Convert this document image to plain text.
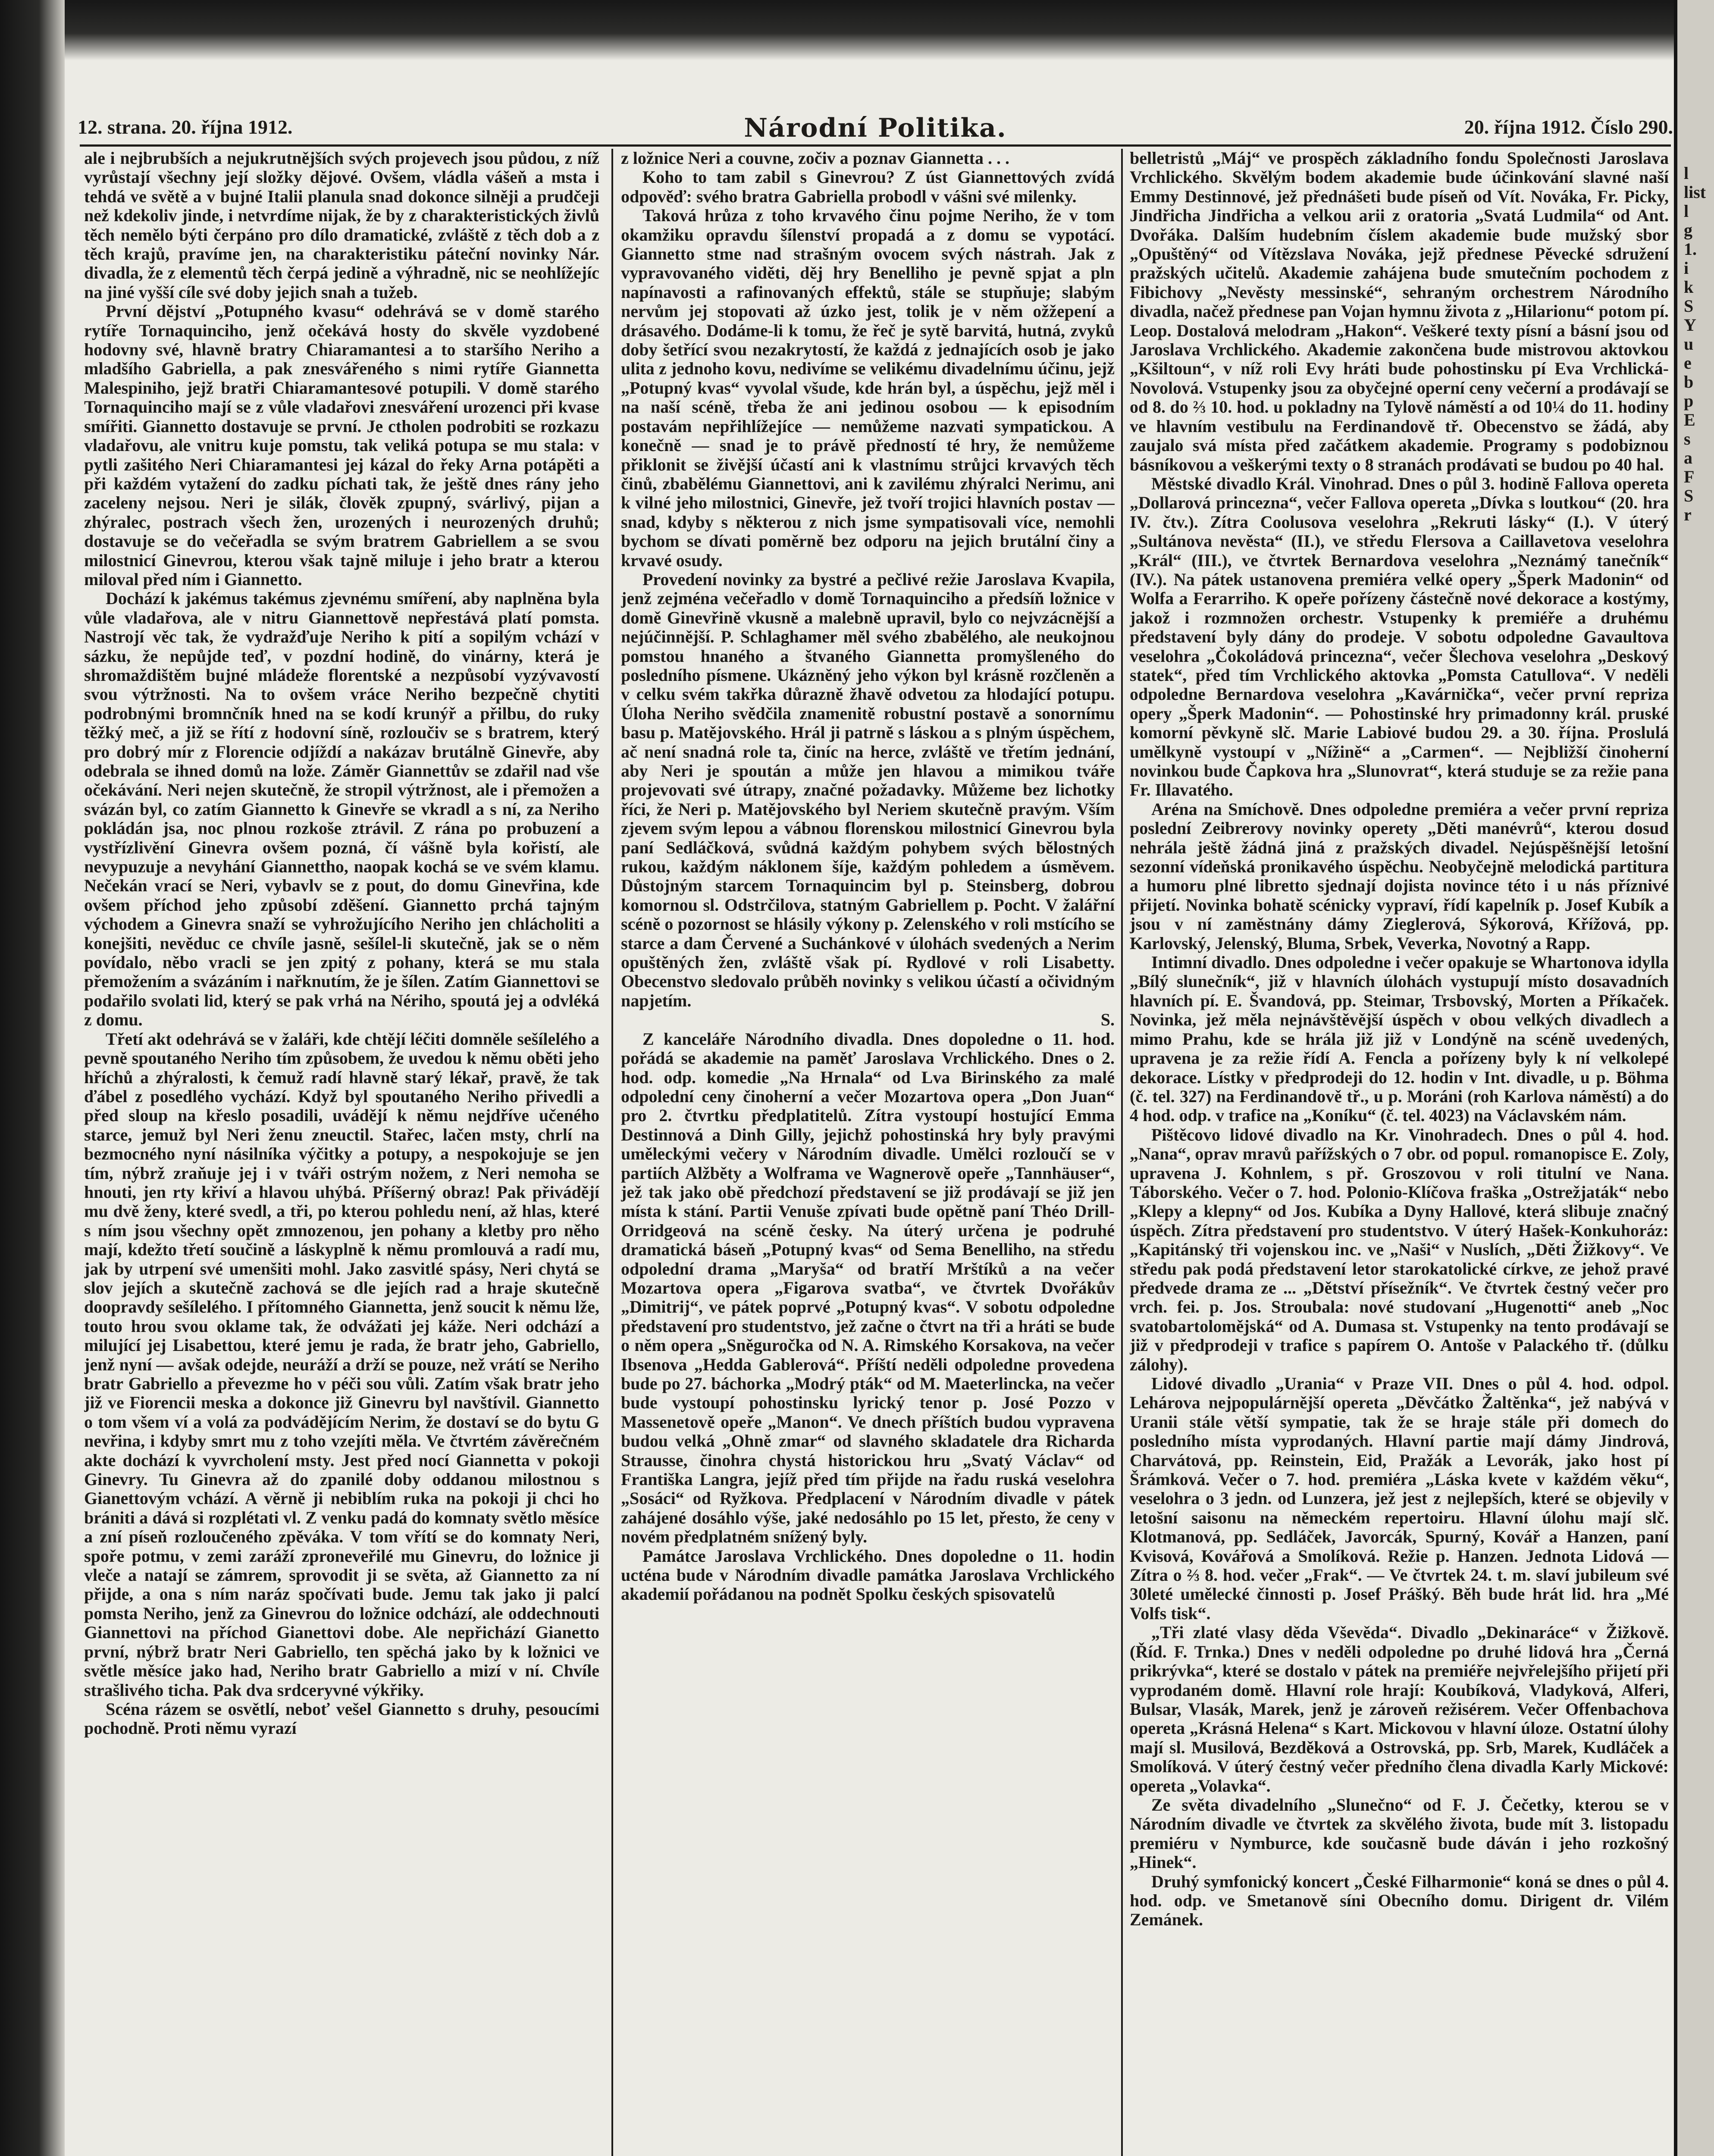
12. strana. 20. října 1912.	Národní Politika.	20. října 1912. Číslo 290.

ale i nejbrubších a nejukrutnějších svých projevech jsou půdou, z níž vyrůstají všechny její složky dějové. Ovšem, vládla vášeň a msta i tehdá ve světě a v bujné Italii planula snad dokonce silněji a prudčeji než kdekoliv jinde, i netvrdíme nijak, že by z charakteristických živlů těch nemělo býti čerpáno pro dílo dramatické, zvláště z těch dob a z těch krajů, pravíme jen, na charakteristiku páteční novinky Nár. divadla, že z elementů těch čerpá jedině a výhradně, nic se neohlížejíc na jiné vyšší cíle své doby jejich snah a tužeb.

První dějství „Potupného kvasu“ odehrává se v domě starého rytíře Tornaquinciho, jenž očekává hosty do skvěle vyzdobené hodovny své, hlavně bratry Chiaramantesi a to staršího Neriho a mladšího Gabriella, a pak znesvářeného s nimi rytíře Giannetta Malespiniho, jejž bratři Chiaramantesové potupili. V domě starého Tornaquinciho mají se z vůle vladařovi znesváření urozenci při kvase smířiti. Giannetto dostavuje se první. Je ctholen podrobiti se rozkazu vladařovu, ale vnitru kuje pomstu, tak veliká potupa se mu stala: v pytli zašitého Neri Chiaramantesi jej kázal do řeky Arna potápěti a při každém vytažení do zadku píchati tak, že ještě dnes rány jeho zaceleny nejsou. Neri je silák, člověk zpupný, svárlivý, pijan a zhýralec, postrach všech žen, urozených i neurozených druhů; dostavuje se do večeřadla se svým bratrem Gabriellem a se svou milostnicí Ginevrou, kterou však tajně miluje i jeho bratr a kterou miloval před ním i Giannetto.

Dochází k jakémus takémus zjevnému smíření, aby naplněna byla vůle vladařova, ale v nitru Giannettově nepřestává platí pomsta. Nastrojí věc tak, že vydražďuje Neriho k pití a sopilým vchází v sázku, že nepůjde teď, v pozdní hodině, do vinárny, která je shromaždištěm bujné mládeže florentské a nezpůsobí vyzývavostí svou výtržnosti. Na to ovšem vráce Neriho bezpečně chytiti podrobnými bromnčník hned na se kodí krunýř a přilbu, do ruky těžký meč, a již se řítí z hodovní síně, rozloučiv se s bratrem, který pro dobrý mír z Florencie odjíždí a nakázav brutálně Ginevře, aby odebrala se ihned domů na lože. Záměr Giannettův se zdařil nad vše očekávání. Neri nejen skutečně, že stropil výtržnost, ale i přemožen a svázán byl, co zatím Giannetto k Ginevře se vkradl a s ní, za Neriho pokládán jsa, noc plnou rozkoše ztrávil. Z rána po probuzení a vystřízlivění Ginevra ovšem pozná, čí vášně byla kořistí, ale nevypuzuje a nevyhání Giannettho, naopak kochá se ve svém klamu. Nečekán vrací se Neri, vybavlv se z pout, do domu Ginevřina, kde ovšem příchod jeho způsobí zděšení. Giannetto prchá tajným východem a Ginevra snaží se vyhrožujícího Neriho jen chlácholiti a konejšiti, nevěduc ce chvíle jasně, sešílel-li skutečně, jak se o něm povídalo, něbo vracli se jen zpitý z pohany, která se mu stala přemožením a svázáním i nařknutím, že je šílen. Zatím Giannettovi se podařilo svolati lid, který se pak vrhá na Nériho, spoutá jej a odvléká z domu.

Třetí akt odehrává se v žaláři, kde chtějí léčiti domněle sešílelého a pevně spoutaného Neriho tím způsobem, že uvedou k němu oběti jeho hříchů a zhýralosti, k čemuž radí hlavně starý lékař, pravě, že tak ďábel z posedlého vychází. Když byl spoutaného Neriho přivedli a před sloup na křeslo posadili, uvádějí k němu nejdříve učeného starce, jemuž byl Neri ženu zneuctil. Stařec, lačen msty, chrlí na bezmocného nyní násilníka výčitky a potupy, a nespokojuje se jen tím, nýbrž zraňuje jej i v tváři ostrým nožem, z Neri nemoha se hnouti, jen rty křiví a hlavou uhýbá. Příšerný obraz! Pak přivádějí mu dvě ženy, které svedl, a tři, po kterou pohledu není, až hlas, které s ním jsou všechny opět zmnozenou, jen pohany a kletby pro něho mají, kdežto třetí součině a láskyplně k němu promlouvá a radí mu, jak by utrpení své umenšiti mohl. Jako zasvitlé spásy, Neri chytá se slov jejích a skutečně zachová se dle jejích rad a hraje skutečně doopravdy sešílelého. I přítomného Giannetta, jenž soucit k němu lže, touto hrou svou oklame tak, že odvážati jej káže. Neri odchází a milující jej Lisabettou, které jemu je rada, že bratr jeho, Gabriello, jenž nyní — avšak odejde, neuráží a drží se pouze, než vrátí se Neriho bratr Gabriello a převezme ho v péči sou vůli. Zatím však bratr jeho již ve Fiorencii meska a dokonce již Ginevru byl navštívil. Giannetto o tom všem ví a volá za podvádějícím Nerim, že dostaví se do bytu G nevřina, i kdyby smrt mu z toho vzejíti měla. Ve čtvrtém závěrečném akte dochází k vyvrcholení msty. Jest před nocí Giannetta v pokoji Ginevry. Tu Ginevra až do zpanilé doby oddanou milostnou s Gianettovým vchází. A věrně ji nebiblím ruka na pokoji ji chci ho brániti a dává si rozplétati vl. Z venku padá do komnaty světlo měsíce a zní píseň rozloučeného zpěváka. V tom vřítí se do komnaty Neri, spoře potmu, v zemi zaráží zproneveřilé mu Ginevru, do ložnice ji vleče a natají se zámrem, sprovodit ji se světa, až Giannetto za ní přijde, a ona s ním naráz spočívati bude. Jemu tak jako ji palcí pomsta Neriho, jenž za Ginevrou do ložnice odchází, ale oddechnouti Giannettovi na příchod Gianettovi dobe. Ale nepřichází Gianetto první, nýbrž bratr Neri Gabriello, ten spěchá jako by k ložnici ve světle měsíce jako had, Neriho bratr Gabriello a mizí v ní. Chvíle strašlivého ticha. Pak dva srdceryvné výkřiky.

Scéna rázem se osvětlí, neboť vešel Giannetto s druhy, pesoucími pochodně. Proti němu vyrazí

z ložnice Neri a couvne, zočiv a poznav Giannetta . . .

Koho to tam zabil s Ginevrou? Z úst Giannettových zvídá odpověď: svého bratra Gabriella probodl v vášni své milenky.

Taková hrůza z toho krvavého činu pojme Neriho, že v tom okamžiku opravdu šílenství propadá a z domu se vypotácí. Giannetto stme nad strašným ovocem svých nástrah. Jak z vypravovaného viděti, děj hry Benelliho je pevně spjat a pln napínavosti a rafinovaných effektů, stále se stupňuje; slabým nervům jej stopovati až úzko jest, tolik je v něm ožžepení a drásavého. Dodáme-li k tomu, že řeč je sytě barvitá, hutná, zvyků doby šetřící svou nezakrytostí, že každá z jednajících osob je jako ulita z jednoho kovu, nedivíme se velikému divadelnímu účinu, jejž „Potupný kvas“ vyvolal všude, kde hrán byl, a úspěchu, jejž měl i na naší scéně, třeba že ani jedinou osobou — k episodním postavám nepřihlížejíce — nemůžeme nazvati sympatickou. A konečně — snad je to právě předností té hry, že nemůžeme přiklonit se živější účastí ani k vlastnímu strůjci krvavých těch činů, zbabělému Giannettovi, ani k zavilému zhýralci Nerimu, ani k vilné jeho milostnici, Ginevře, jež tvoří trojici hlavních postav — snad, kdyby s některou z nich jsme sympatisovali více, nemohli bychom se dívati poměrně bez odporu na jejich brutální činy a krvavé osudy.

Provedení novinky za bystré a pečlivé režie Jaroslava Kvapila, jenž zejména večeřadlo v domě Tornaquinciho a předsíň ložnice v domě Ginevřině vkusně a malebně upravil, bylo co nejvzácnější a nejúčinnější. P. Schlaghamer měl svého zbabělého, ale neukojnou pomstou hnaného a štvaného Giannetta promyšleného do posledního písmene. Ukázněný jeho výkon byl krásně rozčleněn a v celku svém takřka důrazně žhavě odvetou za hlodající potupu. Úloha Neriho svědčila znamenitě robustní postavě a sonornímu basu p. Matějovského. Hrál ji patrně s láskou a s plným úspěchem, ač není snadná role ta, činíc na herce, zvláště ve třetím jednání, aby Neri je spoután a může jen hlavou a mimikou tváře projevovati své útrapy, značné požadavky. Můžeme bez lichotky říci, že Neri p. Matějovského byl Neriem skutečně pravým. Vším zjevem svým lepou a vábnou florenskou milostnicí Ginevrou byla paní Sedláčková, svůdná každým pohybem svých bělostných rukou, každým náklonem šíje, každým pohledem a úsměvem. Důstojným starcem Tornaquincim byl p. Steinsberg, dobrou komornou sl. Odstrčilova, statným Gabriellem p. Pocht. V žalářní scéně o pozornost se hlásily výkony p. Zelenského v roli mstícího se starce a dam Červené a Suchánkové v úlohách svedených a Nerim opuštěných žen, zvláště však pí. Rydlové v roli Lisabetty. Obecenstvo sledovalo průběh novinky s velikou účastí a očividným napjetím.

S.

Z kanceláře Národního divadla. Dnes dopoledne o 11. hod. pořádá se akademie na paměť Jaroslava Vrchlického. Dnes o 2. hod. odp. komedie „Na Hrnala“ od Lva Birinského za malé odpolední ceny činoherní a večer Mozartova opera „Don Juan“ pro 2. čtvrtku předplatitelů. Zítra vystoupí hostující Emma Destinnová a Dinh Gilly, jejichž pohostinská hry byly pravými uměleckými večery v Národním divadle. Umělci rozloučí se v partiích Alžběty a Wolframa ve Wagnerově opeře „Tannhäuser“, jež tak jako obě předchozí představení se již prodávají se již jen místa k stání. Partii Venuše zpívati bude opětně paní Théo Drill-Orridgeová na scéně česky. Na úterý určena je podruhé dramatická báseň „Potupný kvas“ od Sema Benelliho, na středu odpolední drama „Maryša“ od bratří Mrštíků a na večer Mozartova opera „Figarova svatba“, ve čtvrtek Dvořákův „Dimitrij“, ve pátek poprvé „Potupný kvas“. V sobotu odpoledne představení pro studentstvo, jež začne o čtvrt na tři a hráti se bude o něm opera „Sněguročka od N. A. Rimského Korsakova, na večer Ibsenova „Hedda Gablerová“. Příští neděli odpoledne provedena bude po 27. báchorka „Modrý pták“ od M. Maeterlincka, na večer bude vystoupí pohostinsku lyrický tenor p. José Pozzo v Massenetově opeře „Manon“. Ve dnech příštích budou vypravena budou velká „Ohně zmar“ od slavného skladatele dra Richarda Strausse, činohra chystá historickou hru „Svatý Václav“ od Františka Langra, jejíž před tím přijde na řadu ruská veselohra „Sosáci“ od Ryžkova. Předplacení v Národním divadle v pátek zahájené dosáhlo výše, jaké nedosáhlo po 15 let, přesto, že ceny v novém předplatném snížený byly.

Památce Jaroslava Vrchlického. Dnes dopoledne o 11. hodin ucténa bude v Národním divadle památka Jaroslava Vrchlického akademií pořádanou na podnět Spolku českých spisovatelů

belletristů „Máj“ ve prospěch základního fondu Společnosti Jaroslava Vrchlického. Skvělým bodem akademie bude účinkování slavné naší Emmy Destinnové, jež přednášeti bude píseň od Vít. Nováka, Fr. Picky, Jindřicha Jindřicha a velkou arii z oratoria „Svatá Ludmila“ od Ant. Dvořáka. Dalším hudebním číslem akademie bude mužský sbor „Opuštěný“ od Vítězslava Nováka, jejž přednese Pěvecké sdružení pražských učitelů. Akademie zahájena bude smutečním pochodem z Fibichovy „Nevěsty messinské“, sehraným orchestrem Národního divadla, načež přednese pan Vojan hymnu života z „Hilarionu“ potom pí. Leop. Dostalová melodram „Hakon“. Veškeré texty písní a básní jsou od Jaroslava Vrchlického. Akademie zakončena bude mistrovou aktovkou „Kšiltoun“, v níž roli Evy hráti bude pohostinsku pí Eva Vrchlická-Novolová. Vstupenky jsou za obyčejné operní ceny večerní a prodávají se od 8. do ⅔ 10. hod. u pokladny na Tylově náměstí a od 10¼ do 11. hodiny ve hlavním vestibulu na Ferdinandově tř. Obecenstvo se žádá, aby zaujalo svá místa před začátkem akademie. Programy s podobiznou básníkovou a veškerými texty o 8 stranách prodávati se budou po 40 hal.

Městské divadlo Král. Vinohrad. Dnes o půl 3. hodině Fallova opereta „Dollarová princezna“, večer Fallova opereta „Dívka s loutkou“ (20. hra IV. čtv.). Zítra Coolusova veselohra „Rekruti lásky“ (I.). V úterý „Sultánova nevěsta“ (II.), ve středu Flersova a Caillavetova veselohra „Král“ (III.), ve čtvrtek Bernardova veselohra „Neznámý tanečník“ (IV.). Na pátek ustanovena premiéra velké opery „Šperk Madonin“ od Wolfa a Ferarriho. K opeře pořízeny částečně nové dekorace a kostýmy, jakož i rozmnožen orchestr. Vstupenky k premiéře a druhému představení byly dány do prodeje. V sobotu odpoledne Gavaultova veselohra „Čokoládová princezna“, večer Šlechova veselohra „Deskový statek“, před tím Vrchlického aktovka „Pomsta Catullova“. V neděli odpoledne Bernardova veselohra „Kavárnička“, večer první repriza opery „Šperk Madonin“. — Pohostinské hry primadonny král. pruské komorní pěvkyně slč. Marie Labiové budou 29. a 30. října. Proslulá umělkyně vystoupí v „Nížině“ a „Carmen“. — Nejbližší činoherní novinkou bude Čapkova hra „Slunovrat“, která studuje se za režie pana Fr. Illavatého.

Aréna na Smíchově. Dnes odpoledne premiéra a večer první repriza poslední Zeibrerovy novinky operety „Děti manévrů“, kterou dosud nehrála ještě žádná jiná z pražských divadel. Nejúspěšnější letošní sezonní vídeňská pronikavého úspěchu. Neobyčejně melodická partitura a humoru plné libretto sjednají dojista novince této i u nás příznivé přijetí. Novinka bohatě scénicky vypraví, řídí kapelník p. Josef Kubík a jsou v ní zaměstnány dámy Zieglerová, Sýkorová, Křížová, pp. Karlovský, Jelenský, Bluma, Srbek, Veverka, Novotný a Rapp.

Intimní divadlo. Dnes odpoledne i večer opakuje se Whartonova idylla „Bílý slunečník“, již v hlavních úlohách vystupují místo dosavadních hlavních pí. E. Švandová, pp. Steimar, Trsbovský, Morten a Příkaček. Novinka, jež měla nejnávštěvější úspěch v obou velkých divadlech a mimo Prahu, kde se hrála již již v Londýně na scéně uvedených, upravena je za režie řídí A. Fencla a pořízeny byly k ní velkolepé dekorace. Lístky v předprodeji do 12. hodin v Int. divadle, u p. Böhma (č. tel. 327) na Ferdinandově tř., u p. Moráni (roh Karlova náměstí) a do 4 hod. odp. v trafice na „Koníku“ (č. tel. 4023) na Václavském nám.

Pištěcovo lidové divadlo na Kr. Vinohradech. Dnes o půl 4. hod. „Nana“, oprav mravů pařížských o 7 obr. od popul. romanopisce E. Zoly, upravena J. Kohnlem, s př. Groszovou v roli titulní ve Nana. Táborského. Večer o 7. hod. Polonio-Klíčova fraška „Ostrežjaták“ nebo „Klepy a klepny“ od Jos. Kubíka a Dyny Hallové, která slibuje značný úspěch. Zítra představení pro studentstvo. V úterý Hašek-Konkuhoráz: „Kapitánský tři vojenskou inc. ve „Naši“ v Nuslích, „Děti Žižkovy“. Ve středu pak podá představení letor starokatolické církve, ze jehož pravé předvede drama ze ... „Dětství přísežník“. Ve čtvrtek čestný večer pro vrch. fei. p. Jos. Stroubala: nové studovaní „Hugenotti“ aneb „Noc svatobartolomějská“ od A. Dumasa st. Vstupenky na tento prodávají se již v předprodeji v trafice s papírem O. Antoše v Palackého tř. (důlku zálohy).

Lidové divadlo „Urania“ v Praze VII. Dnes o půl 4. hod. odpol. Lehárova nejpopulárnější opereta „Děvčátko Žaltěnka“, jež nabývá v Uranii stále větší sympatie, tak že se hraje stále při domech do posledního místa vyprodaných. Hlavní partie mají dámy Jindrová, Charvátová, pp. Reinstein, Eid, Pražák a Levorák, jako host pí Šrámková. Večer o 7. hod. premiéra „Láska kvete v každém věku“, veselohra o 3 jedn. od Lunzera, jež jest z nejlepších, které se objevily v letošní saisonu na německém repertoiru. Hlavní úlohu mají slč. Klotmanová, pp. Sedláček, Javorcák, Spurný, Kovář a Hanzen, paní Kvisová, Kovářová a Smolíková. Režie p. Hanzen. Jednota Lidová — Zítra o ⅔ 8. hod. večer „Frak“. — Ve čtvrtek 24. t. m. slaví jubileum své 30leté umělecké činnosti p. Josef Prášký. Běh bude hrát lid. hra „Mé Volfs tisk“.

„Tři zlaté vlasy děda Vševěda“. Divadlo „Dekinaráce“ v Žižkově. (Říd. F. Trnka.) Dnes v neděli odpoledne po druhé lidová hra „Černá prikrývka“, které se dostalo v pátek na premiéře nejvřelejšího přijetí při vyprodaném domě. Hlavní role hrají: Koubíková, Vladyková, Alferi, Bulsar, Vlasák, Marek, jenž je zároveň režisérem. Večer Offenbachova opereta „Krásná Helena“ s Kart. Mickovou v hlavní úloze. Ostatní úlohy mají sl. Musilová, Bezděková a Ostrovská, pp. Srb, Marek, Kudláček a Smolíková. V úterý čestný večer předního člena divadla Karly Mickové: opereta „Volavka“.

Ze světa divadelního „Slunečno“ od F. J. Čečetky, kterou se v Národním divadle ve čtvrtek za skvělého života, bude mít 3. listopadu premiéru v Nymburce, kde současně bude dáván i jeho rozkošný „Hinek“.

Druhý symfonický koncert „České Filharmonie“ koná se dnes o půl 4. hod. odp. ve Smetanově síni Obecního domu. Dirigent dr. Vilém Zemánek.

l
list
l
g
1.
i
k
S
Y
u
e
b
p
E
s
a
F
S
r
